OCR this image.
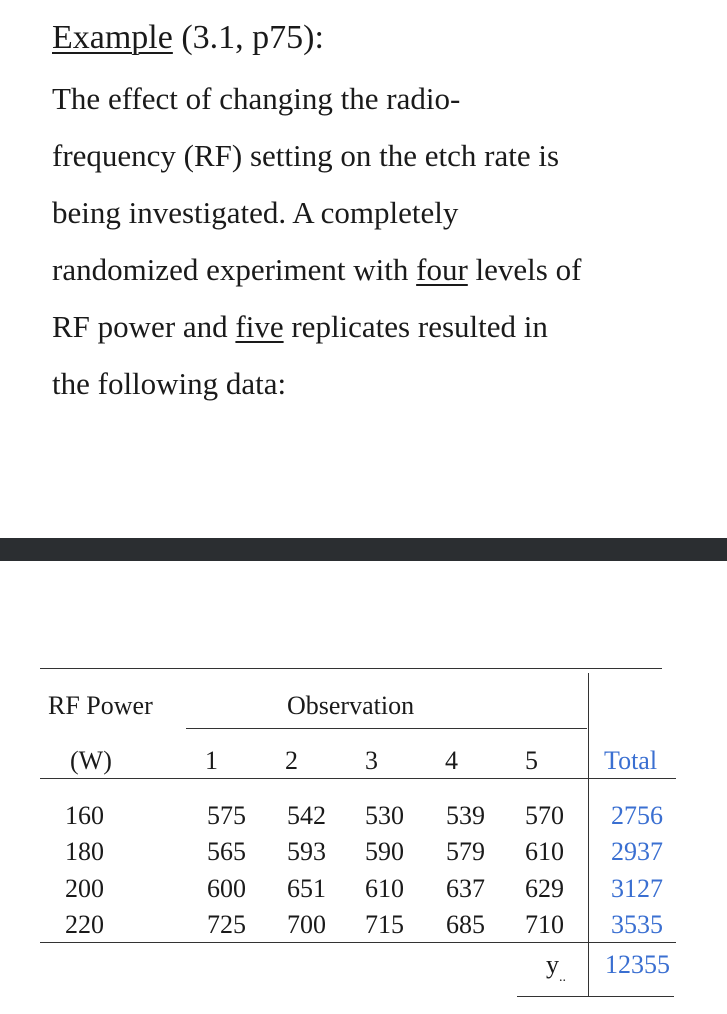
Example (3.1, p75):
The effect of changing the radio-
frequency (RF) setting on the etch rate is
being investigated. A completely
randomized experiment with four levels of
RF power and five replicates resulted in
the following data:
RF Power	Observation
(W)	1	2	3	4	5	Total
160	575 542 530 539 570 2756
180	565 593 590 579 610 2937
200	600 651 610 637 629 3127
220	725 700 715 685 710 3535
$y_{..}$ 12355
